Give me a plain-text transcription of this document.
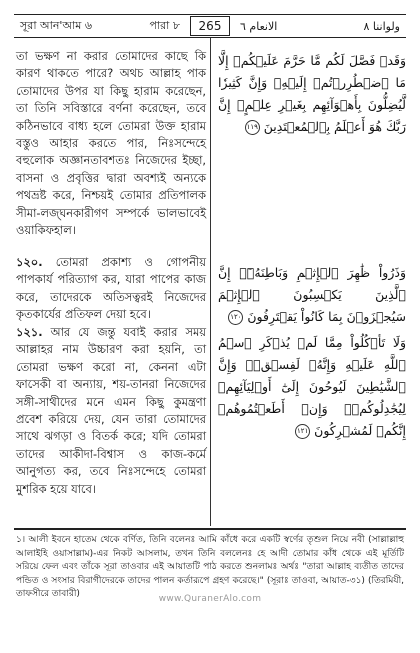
সূরা আন'আম ৬	পারা ৮	265	الانعام ٦	ولواننا ٨

তা ভক্ষণ না করার তোমাদের কাছে কি কারণ থাকতে পারে? অথচ আল্লাহ পাক তোমাদের উপর যা কিছু হারাম করেছেন, তা তিনি সবিস্তারে বর্ণনা করেছেন, তবে কঠিনভাবে বাধ্য হলে তোমরা উক্ত হারাম বস্তুও আহার করতে পার, নিঃসন্দেহে বহুলোক অজ্ঞানতাবশতঃ নিজেদের ইচ্ছা, বাসনা ও প্রবৃত্তির দ্বারা অবশ্যই অন্যকে পথভ্রষ্ট করে, নিশ্চয়ই তোমার প্রতিপালক সীমা-লজ্ঘনকারীগণ সম্পর্কে ভালভাবেই ওয়াকিফহাল।

১২০. তোমরা প্রকাশ্য ও গোপনীয় পাপকার্য পরিত্যাগ কর, যারা পাপের কাজ করে, তাদেরকে অতিসত্বরই নিজেদের কৃতকার্যের প্রতিফল দেয়া হবে।

১২১. আর যে জন্তু যবাই করার সময় আল্লাহর নাম উচ্চারণ করা হয়নি, তা তোমরা ভক্ষণ করো না, কেননা এটা ফাসেকী বা অন্যায়, শয়-তানরা নিজেদের সঙ্গী-সাথীদের মনে এমন কিছু কুমন্ত্রণা প্রবেশ করিয়ে দেয়, যেন তারা তোমাদের সাথে ঝগড়া ও বিতর্ক করে; যদি তোমরা তাদের আকীদা-বিশ্বাস ও কাজ-কর্মে আনুগত্য কর, তবে নিঃসন্দেহে তোমরা মুশরিক হয়ে যাবে।

وَقَدۡ فَصَّلَ لَكُم مَّا حَرَّمَ عَلَيۡكُمۡ إِلَّا مَا ٱضۡطُرِرۡتُمۡ إِلَيۡهِۗ وَإِنَّ كَثِيرٗا لَّيُضِلُّونَ بِأَهۡوَآئِهِم بِغَيۡرِ عِلۡمٍۚ إِنَّ رَبَّكَ هُوَ أَعۡلَمُ بِٱلۡمُعۡتَدِينَ ١١٩
وَذَرُواْ ظَٰهِرَ ٱلۡإِثۡمِ وَبَاطِنَهُۥٓۚ إِنَّ ٱلَّذِينَ يَكۡسِبُونَ ٱلۡإِثۡمَ سَيُجۡزَوۡنَ بِمَا كَانُواْ يَقۡتَرِفُونَ ١٢٠
وَلَا تَأۡكُلُواْ مِمَّا لَمۡ يُذۡكَرِ ٱسۡمُ ٱللَّهِ عَلَيۡهِ وَإِنَّهُۥ لَفِسۡقٞۗ وَإِنَّ ٱلشَّيَٰطِينَ لَيُوحُونَ إِلَىٰٓ أَوۡلِيَآئِهِمۡ لِيُجَٰدِلُوكُمۡۖ وَإِنۡ أَطَعۡتُمُوهُمۡ إِنَّكُمۡ لَمُشۡرِكُونَ ١٢١
১। আলী ইবনে হাতেম থেকে বর্ণিত, তিনি বলেনঃ আমি কাঁধে করে একটি স্বর্ণের তৃশুল নিয়ে নবী (সাল্লাল্লাহু আলাইহি ওয়াসাল্লাম)-এর নিকট আসলাম, তখন তিনি বললেনঃ হে আদী তোমার কাঁধ থেকে এই মূর্তিটি সরিয়ে ফেল এবং তাঁকে সূরা তাওবার এই আয়াতটি পাঠ করতে শুনলামঃ অর্থঃ "তারা আল্লাহ ব্যতীত তাদের পন্ডিত ও সংসার বিরাগীদেরকে তাদের পালন কর্তারূপে গ্রহণ করেছে।" (সূরাঃ তাওবা, আয়াত-৩১) (তিরমিযী, তাফসীরে তাবারী)	www.QuranerAlo.com
